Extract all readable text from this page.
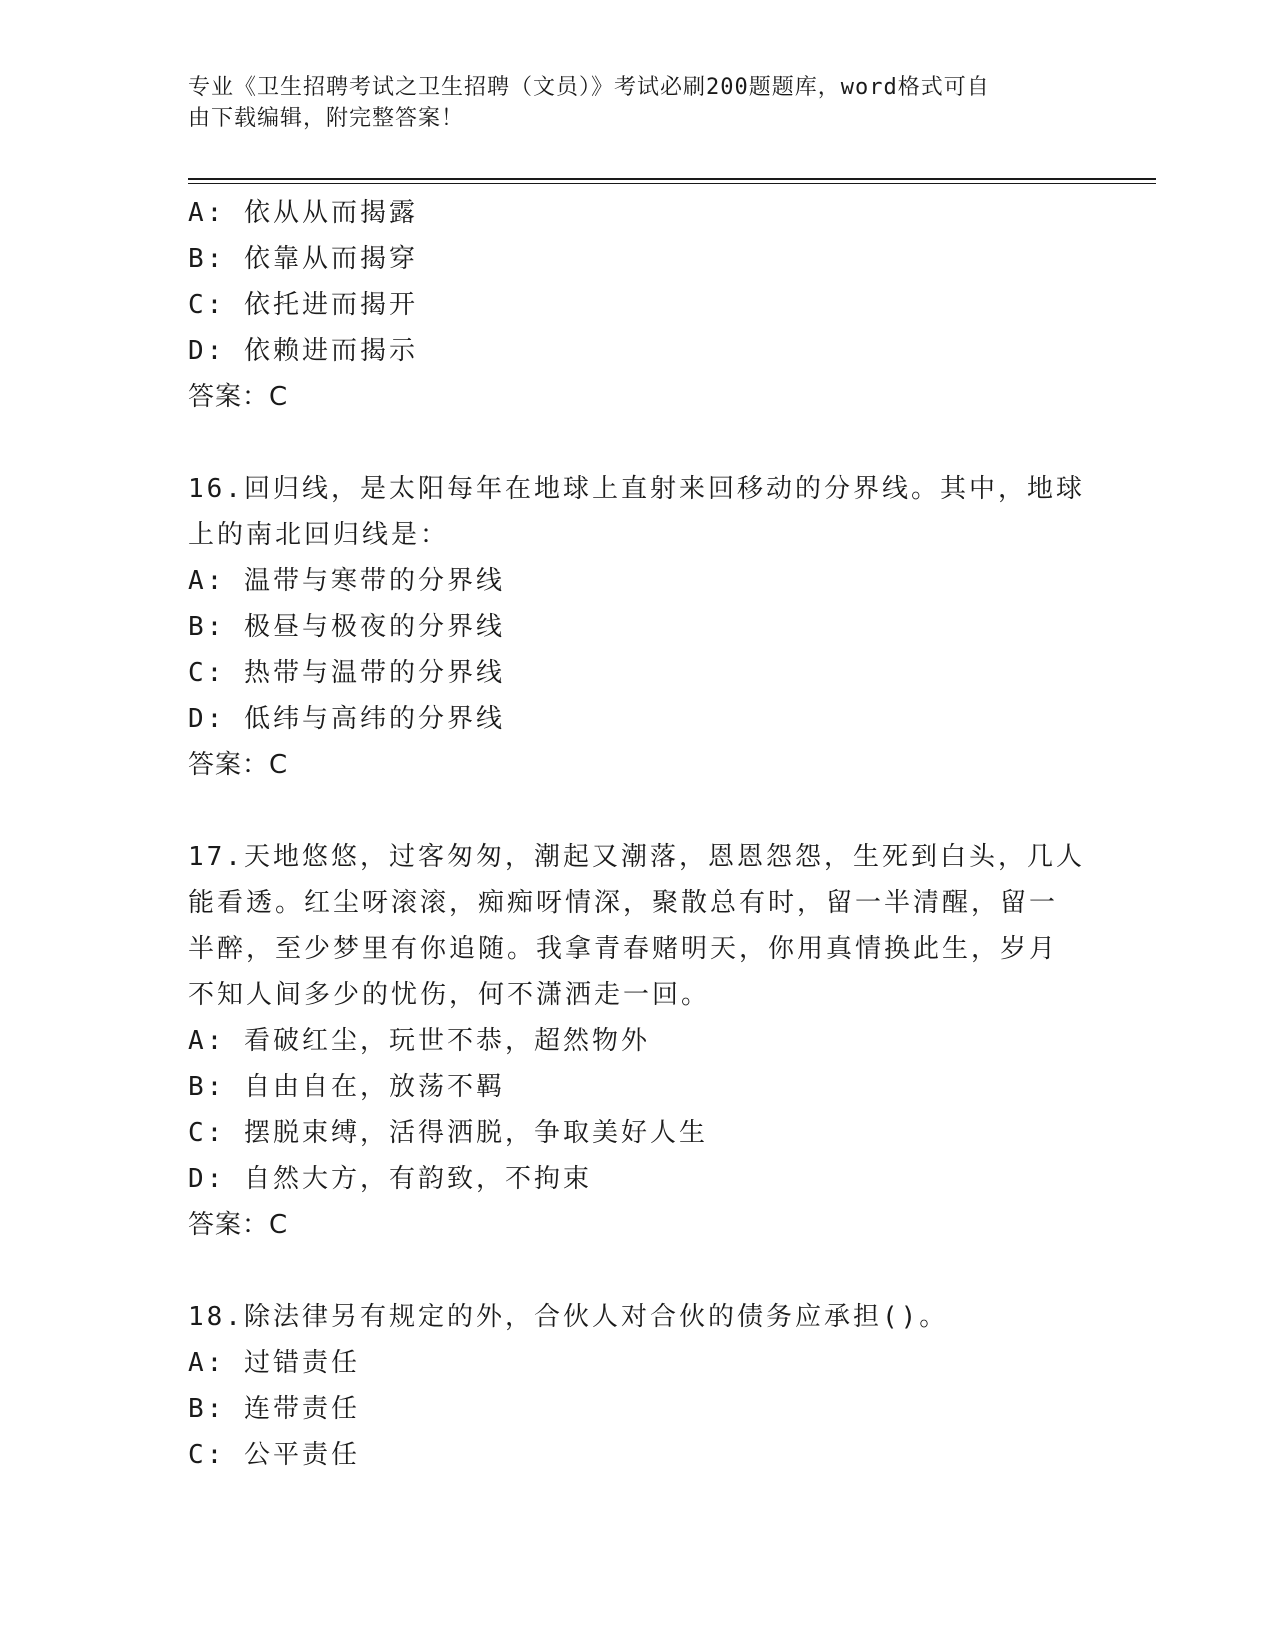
专业《卫生招聘考试之卫生招聘（文员）》考试必刷200题题库，word格式可自
由下载编辑，附完整答案！
A: 依从从而揭露
B: 依靠从而揭穿
C: 依托进而揭开
D: 依赖进而揭示
答案：C
16.回归线，是太阳每年在地球上直射来回移动的分界线。其中，地球
上的南北回归线是：
A: 温带与寒带的分界线
B: 极昼与极夜的分界线
C: 热带与温带的分界线
D: 低纬与高纬的分界线
答案：C
17.天地悠悠，过客匆匆，潮起又潮落，恩恩怨怨，生死到白头，几人
能看透。红尘呀滚滚，痴痴呀情深，聚散总有时，留一半清醒，留一
半醉，至少梦里有你追随。我拿青春赌明天，你用真情换此生，岁月
不知人间多少的忧伤，何不潇洒走一回。
A: 看破红尘，玩世不恭，超然物外
B: 自由自在，放荡不羁
C: 摆脱束缚，活得洒脱，争取美好人生
D: 自然大方，有韵致，不拘束
答案：C
18.除法律另有规定的外，合伙人对合伙的债务应承担()。
A: 过错责任
B: 连带责任
C: 公平责任
